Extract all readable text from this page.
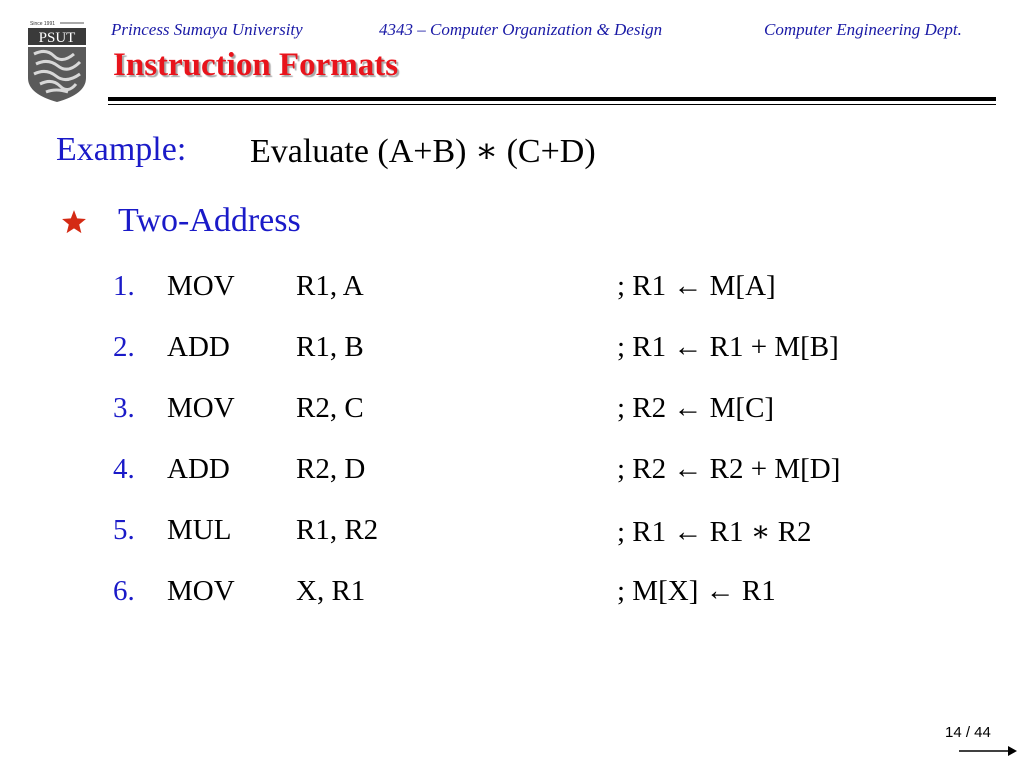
Since 1991
PSUT Princess Sumaya University	4343 – Computer Organization & Design	Computer Engineering Dept.
Instruction Formats
Example: Evaluate (A+B) ∗ (C+D)
Two-Address
1. MOV R1, A	; R1 ← M[A]
2. ADD R1, B	; R1 ← R1 + M[B]
3. MOV R2, C	; R2 ← M[C]
4. ADD R2, D	; R2 ← R2 + M[D]
5. MUL R1, R2	; R1 ← R1 ∗ R2
6. MOV X, R1	; M[X] ← R1
14 / 44
